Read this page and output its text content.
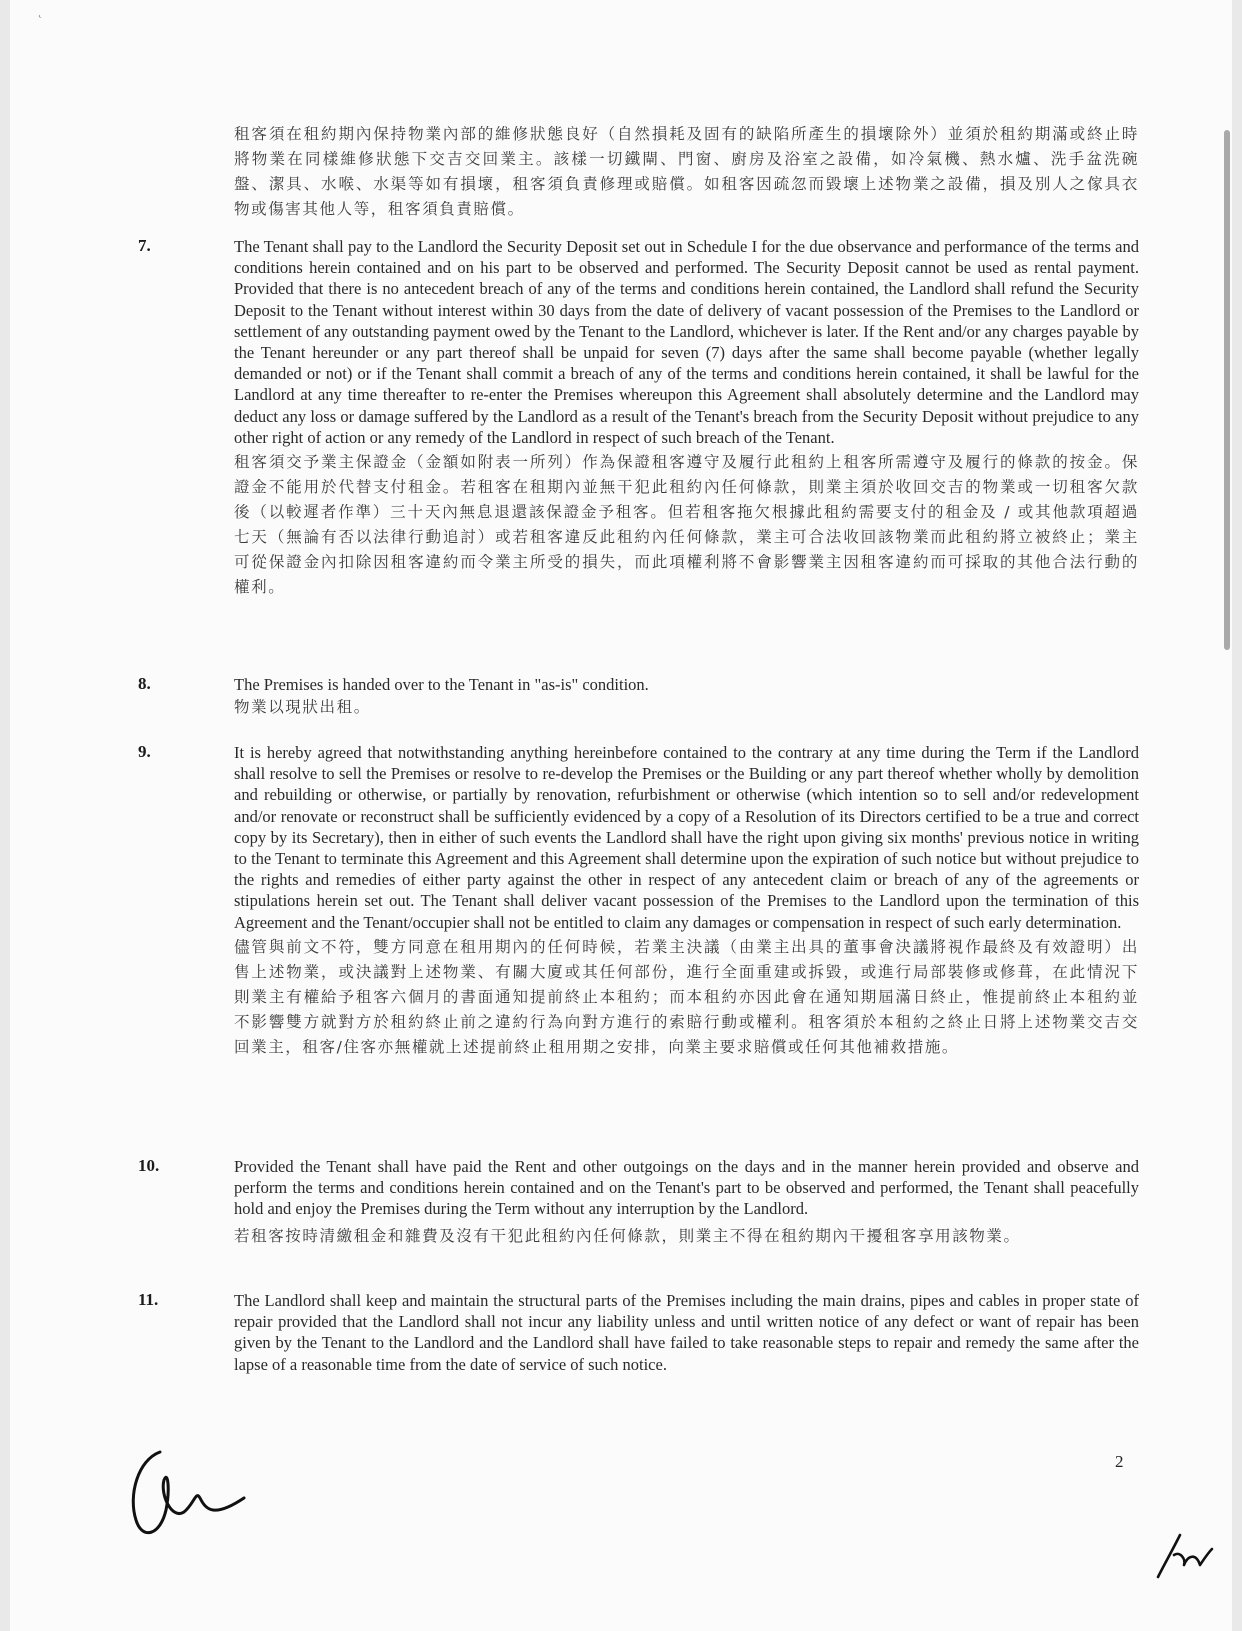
˛

租客須在租約期內保持物業內部的維修狀態良好（自然損耗及固有的缺陷所產生的損壞除外）並須於租約期滿或終止時將物業在同樣維修狀態下交吉交回業主。該樣一切鐵閘、門窗、廚房及浴室之設備，如冷氣機、熱水爐、洗手盆洗碗盤、潔具、水喉、水渠等如有損壞，租客須負責修理或賠償。如租客因疏忽而毀壞上述物業之設備，損及別人之傢具衣物或傷害其他人等，租客須負責賠償。

7.	The Tenant shall pay to the Landlord the Security Deposit set out in Schedule I for the due observance and performance of the terms and conditions herein contained and on his part to be observed and performed. The Security Deposit cannot be used as rental payment. Provided that there is no antecedent breach of any of the terms and conditions herein contained, the Landlord shall refund the Security Deposit to the Tenant without interest within 30 days from the date of delivery of vacant possession of the Premises to the Landlord or settlement of any outstanding payment owed by the Tenant to the Landlord, whichever is later. If the Rent and/or any charges payable by the Tenant hereunder or any part thereof shall be unpaid for seven (7) days after the same shall become payable (whether legally demanded or not) or if the Tenant shall commit a breach of any of the terms and conditions herein contained, it shall be lawful for the Landlord at any time thereafter to re-enter the Premises whereupon this Agreement shall absolutely determine and the Landlord may deduct any loss or damage suffered by the Landlord as a result of the Tenant's breach from the Security Deposit without prejudice to any other right of action or any remedy of the Landlord in respect of such breach of the Tenant.

租客須交予業主保證金（金額如附表一所列）作為保證租客遵守及履行此租約上租客所需遵守及履行的條款的按金。保證金不能用於代替支付租金。若租客在租期內並無干犯此租約內任何條款，則業主須於收回交吉的物業或一切租客欠款後（以較遲者作準）三十天內無息退還該保證金予租客。但若租客拖欠根據此租約需要支付的租金及 / 或其他款項超過七天（無論有否以法律行動追討）或若租客違反此租約內任何條款，業主可合法收回該物業而此租約將立被終止；業主可從保證金內扣除因租客違約而令業主所受的損失，而此項權利將不會影響業主因租客違約而可採取的其他合法行動的權利。

8.	The Premises is handed over to the Tenant in "as-is" condition.

物業以現狀出租。

9.	It is hereby agreed that notwithstanding anything hereinbefore contained to the contrary at any time during the Term if the Landlord shall resolve to sell the Premises or resolve to re-develop the Premises or the Building or any part thereof whether wholly by demolition and rebuilding or otherwise, or partially by renovation, refurbishment or otherwise (which intention so to sell and/or redevelopment and/or renovate or reconstruct shall be sufficiently evidenced by a copy of a Resolution of its Directors certified to be a true and correct copy by its Secretary), then in either of such events the Landlord shall have the right upon giving six months' previous notice in writing to the Tenant to terminate this Agreement and this Agreement shall determine upon the expiration of such notice but without prejudice to the rights and remedies of either party against the other in respect of any antecedent claim or breach of any of the agreements or stipulations herein set out. The Tenant shall deliver vacant possession of the Premises to the Landlord upon the termination of this Agreement and the Tenant/occupier shall not be entitled to claim any damages or compensation in respect of such early determination.

儘管與前文不符，雙方同意在租用期內的任何時候，若業主決議（由業主出具的董事會決議將視作最終及有效證明）出售上述物業，或決議對上述物業、有關大廈或其任何部份，進行全面重建或拆毀，或進行局部裝修或修葺，在此情況下則業主有權給予租客六個月的書面通知提前終止本租約；而本租約亦因此會在通知期屆滿日終止，惟提前終止本租約並不影響雙方就對方於租約終止前之違約行為向對方進行的索賠行動或權利。租客須於本租約之終止日將上述物業交吉交回業主，租客/住客亦無權就上述提前終止租用期之安排，向業主要求賠償或任何其他補救措施。

10.	Provided the Tenant shall have paid the Rent and other outgoings on the days and in the manner herein provided and observe and perform the terms and conditions herein contained and on the Tenant's part to be observed and performed, the Tenant shall peacefully hold and enjoy the Premises during the Term without any interruption by the Landlord.

若租客按時清繳租金和雜費及沒有干犯此租約內任何條款，則業主不得在租約期內干擾租客享用該物業。

11.	The Landlord shall keep and maintain the structural parts of the Premises including the main drains, pipes and cables in proper state of repair provided that the Landlord shall not incur any liability unless and until written notice of any defect or want of repair has been given by the Tenant to the Landlord and the Landlord shall have failed to take reasonable steps to repair and remedy the same after the lapse of a reasonable time from the date of service of such notice.

2
